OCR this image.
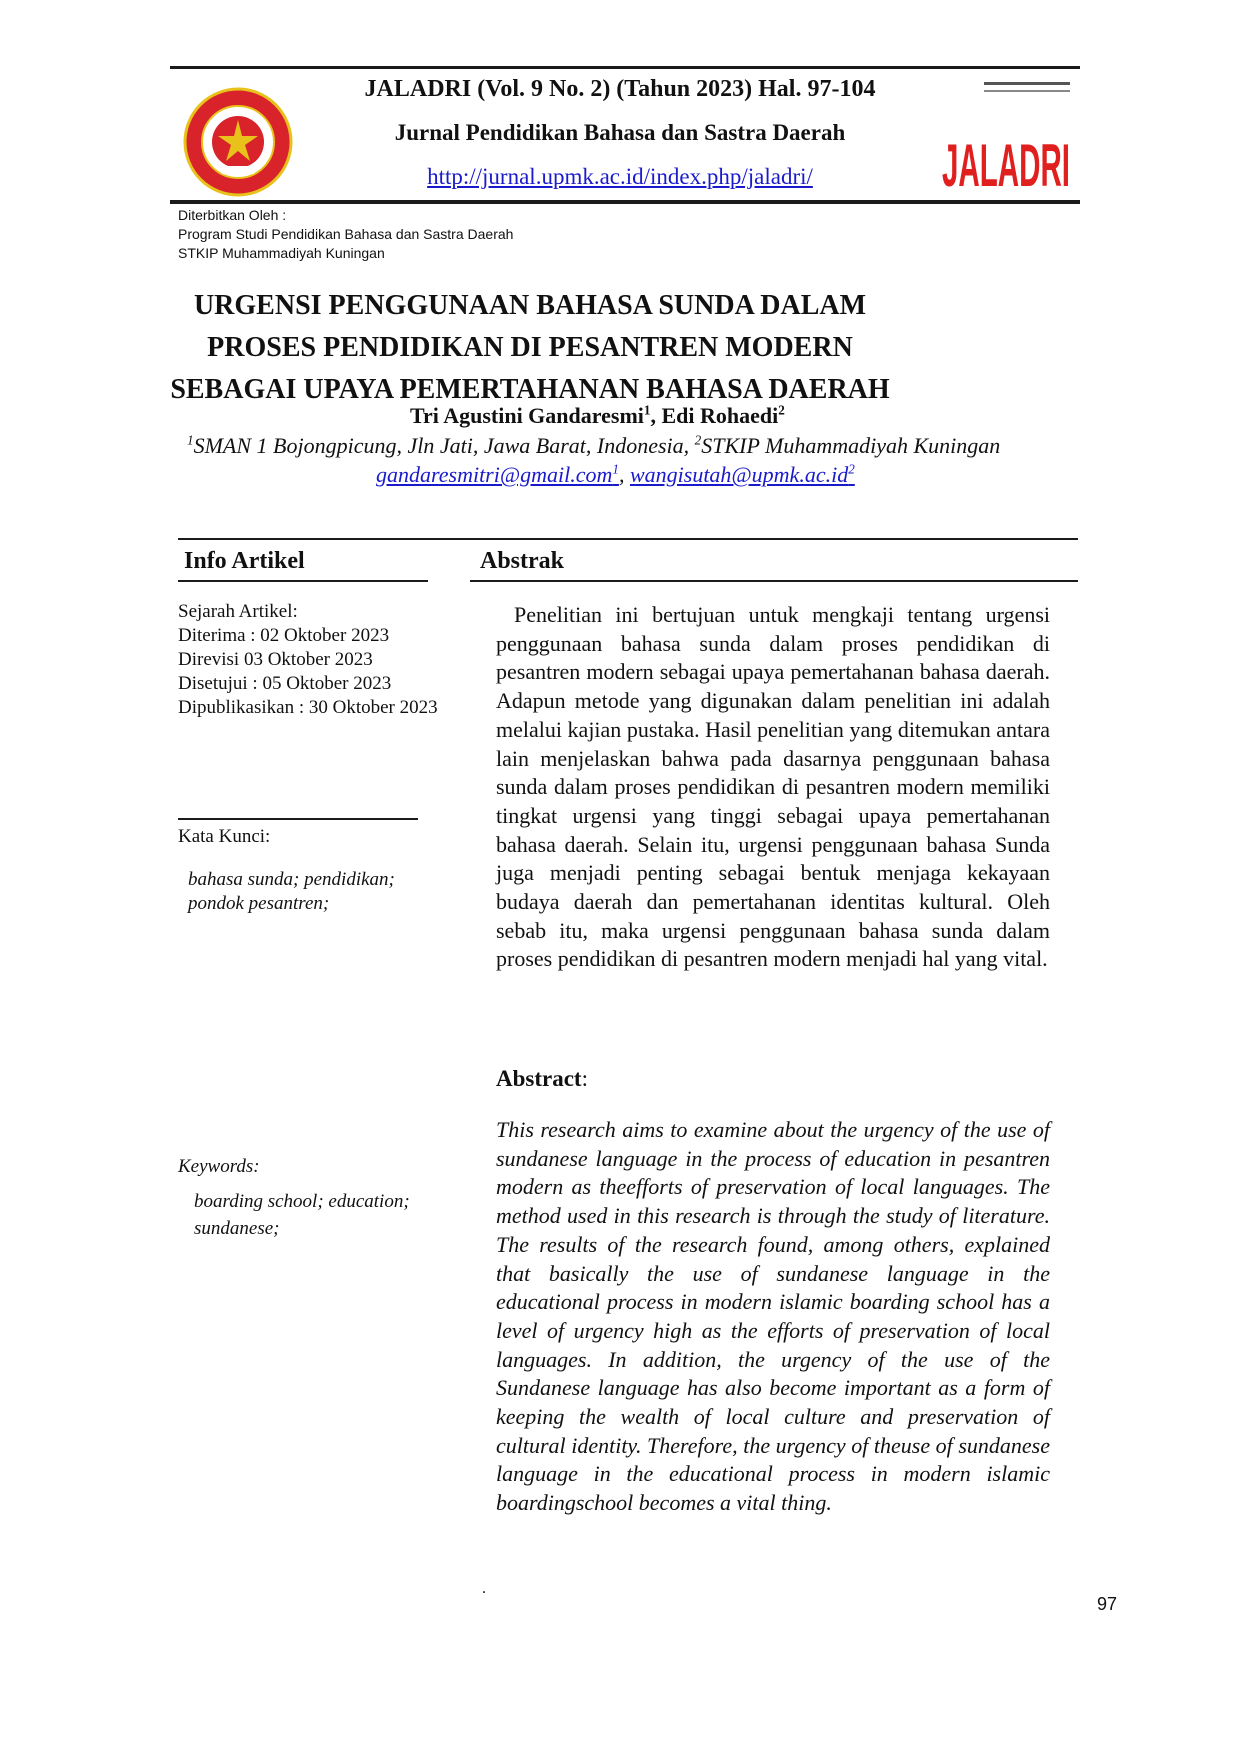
JALADRI (Vol. 9 No. 2) (Tahun 2023) Hal. 97-104
Jurnal Pendidikan Bahasa dan Sastra Daerah
http://jurnal.upmk.ac.id/index.php/jaladri/	JALADRI
Diterbitkan Oleh :
Program Studi Pendidikan Bahasa dan Sastra Daerah
STKIP Muhammadiyah Kuningan
URGENSI PENGGUNAAN BAHASA SUNDA DALAM
PROSES PENDIDIKAN DI PESANTREN MODERN
SEBAGAI UPAYA PEMERTAHANAN BAHASA DAERAH
Tri Agustini Gandaresmi$^1$, Edi Rohaedi$^2$
$^1$SMAN 1 Bojongpicung, Jln Jati, Jawa Barat, Indonesia, $^2$STKIP Muhammadiyah Kuningan
gandaresmitri@gmail.com$^1$, $wangisutah@upmk.ac.id^2$
Info Artikel	Abstrak
Sejarah Artikel:
Diterima : 02 Oktober 2023
Direvisi 03 Oktober 2023
Disetujui : 05 Oktober 2023
Dipublikasikan : 30 Oktober 2023
Kata Kunci:
bahasa sunda; pendidikan; pondok pesantren;
Keywords:
boarding school; education; sundanese;
Penelitian ini bertujuan untuk mengkaji tentang urgensi penggunaan bahasa sunda dalam proses pendidikan di pesantren modern sebagai upaya pemertahanan bahasa daerah. Adapun metode yang digunakan dalam penelitian ini adalah melalui kajian pustaka. Hasil penelitian yang ditemukan antara lain menjelaskan bahwa pada dasarnya penggunaan bahasa sunda dalam proses pendidikan di pesantren modern memiliki tingkat urgensi yang tinggi sebagai upaya pemertahanan bahasa daerah. Selain itu, urgensi penggunaan bahasa Sunda juga menjadi penting sebagai bentuk menjaga kekayaan budaya daerah dan pemertahanan identitas kultural. Oleh sebab itu, maka urgensi penggunaan bahasa sunda dalam proses pendidikan di pesantren modern menjadi hal yang vital.
Abstract:
This research aims to examine about the urgency of the use of sundanese language in the process of education in pesantren modern as theefforts of preservation of local languages. The method used in this research is through the study of literature. The results of the research found, among others, explained that basically the use of sundanese language in the educational process in modern islamic boarding school has a level of urgency high as the efforts of preservation of local languages. In addition, the urgency of the use of the Sundanese language has also become important as a form of keeping the wealth of local culture and preservation of cultural identity. Therefore, the urgency of theuse of sundanese language in the educational process in modern islamic boardingschool becomes a vital thing.
.
97
